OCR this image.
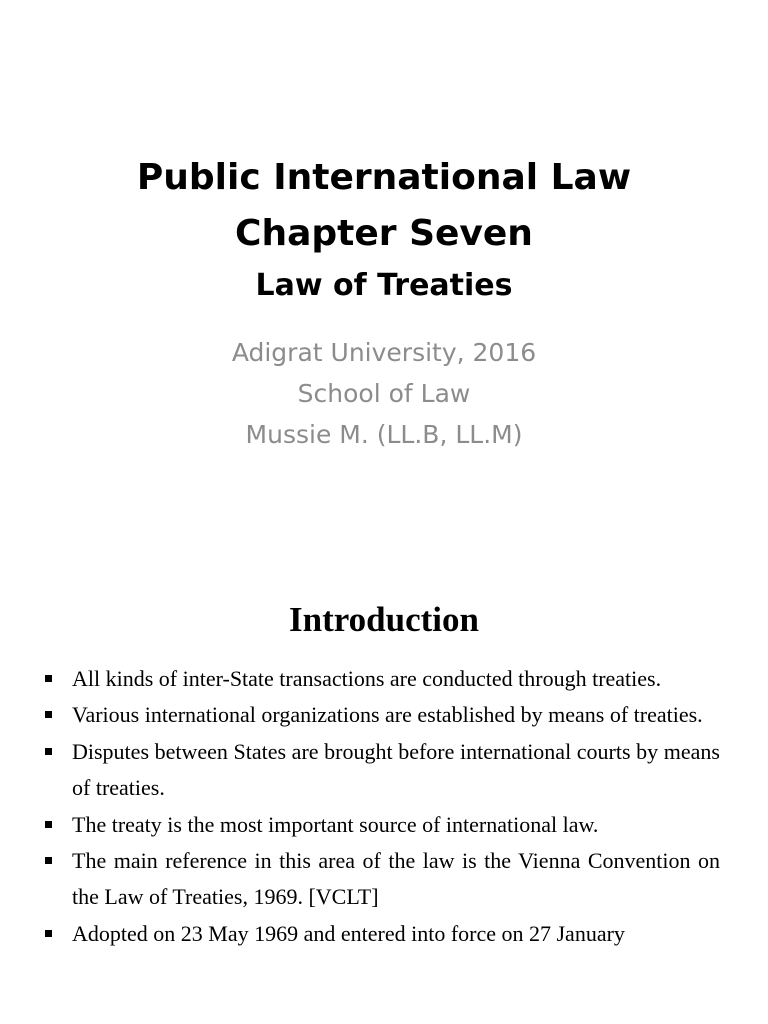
Public International Law
Chapter Seven
Law of Treaties
Adigrat University, 2016
School of Law
Mussie M. (LL.B, LL.M)
Introduction
All kinds of inter-State transactions are conducted through treaties.
Various international organizations are established by means of treaties.
Disputes between States are brought before international courts by means of treaties.
The treaty is the most important source of international law.
The main reference in this area of the law is the Vienna Convention on the Law of Treaties, 1969. [VCLT]
Adopted on 23 May 1969 and entered into force on 27 January
